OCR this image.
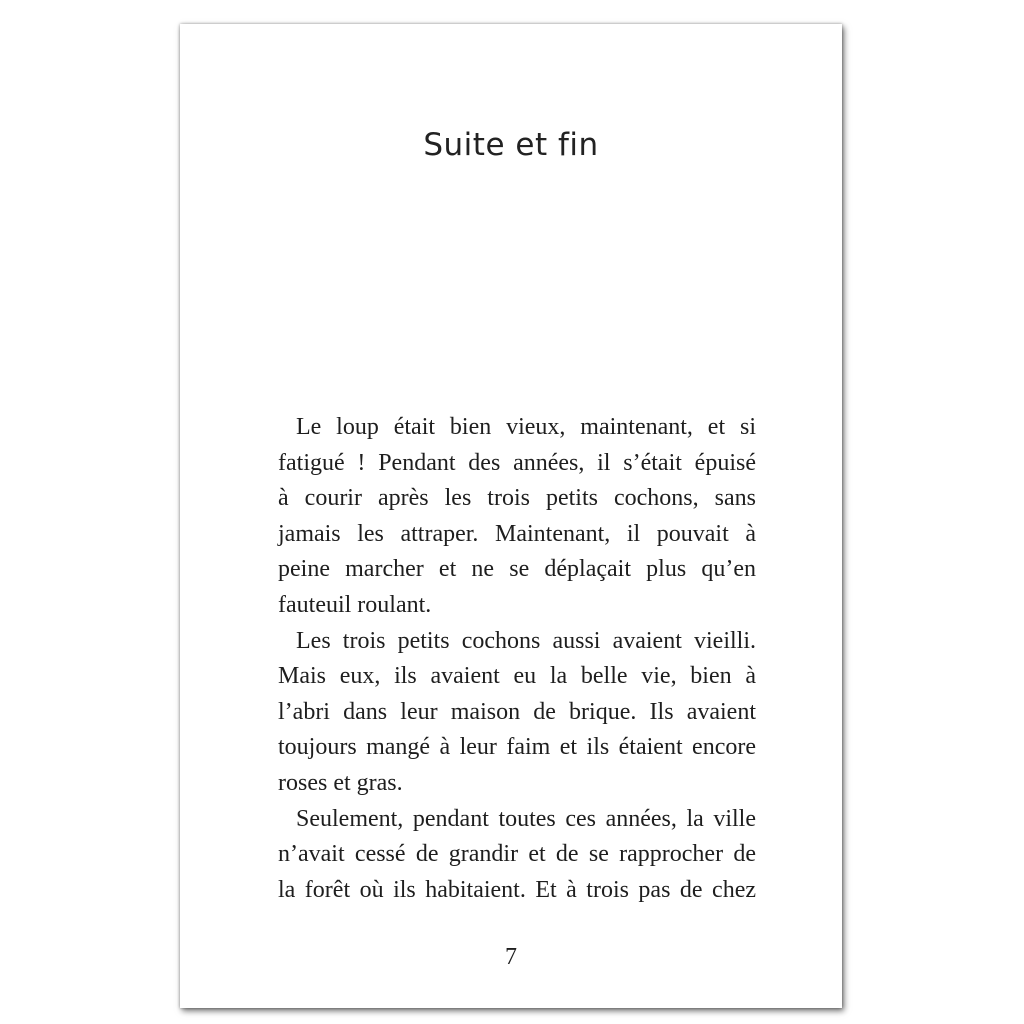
Suite et fin
Le loup était bien vieux, maintenant, et si
fatigué ! Pendant des années, il s’était épuisé
à courir après les trois petits cochons, sans
jamais les attraper. Maintenant, il pouvait à
peine marcher et ne se déplaçait plus qu’en
fauteuil roulant.
Les trois petits cochons aussi avaient vieilli.
Mais eux, ils avaient eu la belle vie, bien à
l’abri dans leur maison de brique. Ils avaient
toujours mangé à leur faim et ils étaient encore
roses et gras.
Seulement, pendant toutes ces années, la ville
n’avait cessé de grandir et de se rapprocher de
la forêt où ils habitaient. Et à trois pas de chez
7
